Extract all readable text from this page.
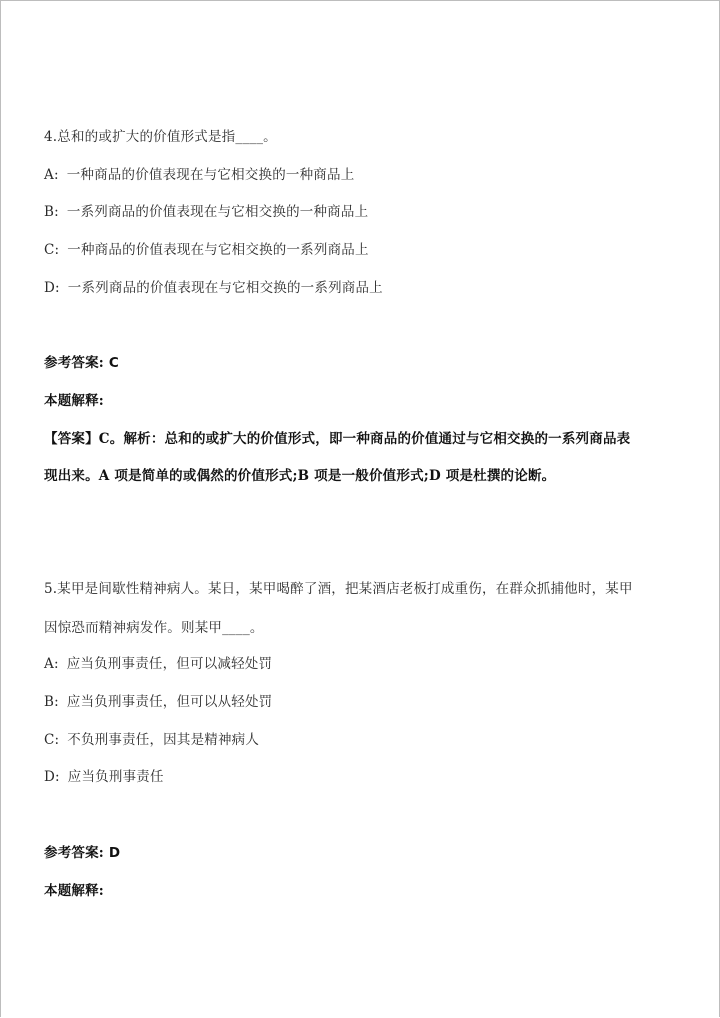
4.总和的或扩大的价值形式是指____。
A: 一种商品的价值表现在与它相交换的一种商品上
B: 一系列商品的价值表现在与它相交换的一种商品上
C: 一种商品的价值表现在与它相交换的一系列商品上
D: 一系列商品的价值表现在与它相交换的一系列商品上
参考答案: C
本题解释:
【答案】C。解析：总和的或扩大的价值形式，即一种商品的价值通过与它相交换的一系列商品表
现出来。A 项是简单的或偶然的价值形式;B 项是一般价值形式;D 项是杜撰的论断。
5.某甲是间歇性精神病人。某日，某甲喝醉了酒，把某酒店老板打成重伤，在群众抓捕他时，某甲
因惊恐而精神病发作。则某甲____。
A: 应当负刑事责任，但可以减轻处罚
B: 应当负刑事责任，但可以从轻处罚
C: 不负刑事责任，因其是精神病人
D: 应当负刑事责任
参考答案: D
本题解释:
